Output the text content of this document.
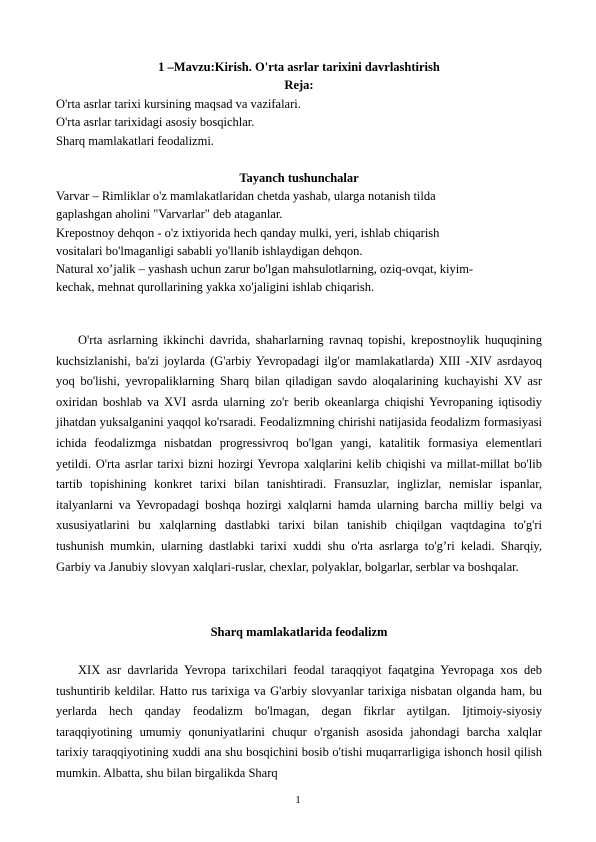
1 –Mavzu:Kirish. O'rta asrlar tarixini davrlashtirish
Reja:
O'rta asrlar tarixi kursining maqsad va vazifalari.
O'rta asrlar tarixidagi asosiy bosqichlar.
Sharq mamlakatlari feodalizmi.
Tayanch tushunchalar
Varvar – Rimliklar o'z mamlakatlaridan chetda yashab, ularga notanish tilda
gaplashgan aholini "Varvarlar" deb ataganlar.
Krepostnoy dehqon - o'z ixtiyorida hech qanday mulki, yeri, ishlab chiqarish
vositalari bo'lmaganligi sababli yo'llanib ishlaydigan dehqon.
Natural xo’jalik – yashash uchun zarur bo'lgan mahsulotlarning, oziq-ovqat, kiyim-
kechak, mehnat qurollarining yakka xo'jaligini ishlab chiqarish.

O'rta asrlarning ikkinchi davrida, shaharlarning ravnaq topishi, krepostnoylik huquqining kuchsizlanishi, ba'zi joylarda (G'arbiy Yevropadagi ilg'or mamlakatlarda) XIII -XIV asrdayoq yoq bo'lishi, yevropaliklarning Sharq bilan qiladigan savdo aloqalarining kuchayishi XV asr oxiridan boshlab va XVI asrda ularning zo'r berib okeanlarga chiqishi Yevropaning iqtisodiy jihatdan yuksalganini yaqqol ko'rsaradi. Feodalizmning chirishi natijasida feodalizm formasiyasi ichida feodalizmga nisbatdan progressivroq bo'lgan yangi, katalitik formasiya elementlari yetildi. O'rta asrlar tarixi bizni hozirgi Yevropa xalqlarini kelib chiqishi va millat-millat bo'lib tartib topishining konkret tarixi bilan tanishtiradi. Fransuzlar, inglizlar, nemislar ispanlar, italyanlarni va Yevropadagi boshqa hozirgi xalqlarni hamda ularning barcha milliy belgi va xususiyatlarini bu xalqlarning dastlabki tarixi bilan tanishib chiqilgan vaqtdagina to'g'ri tushunish mumkin, ularning dastlabki tarixi xuddi shu o'rta asrlarga to'g’ri keladi. Sharqiy, Garbiy va Janubiy slovyan xalqlari-ruslar, chexlar, polyaklar, bolgarlar, serblar va boshqalar.

Sharq mamlakatlarida feodalizm

XIX asr davrlarida Yevropa tarixchilari feodal taraqqiyot faqatgina Yevropaga xos deb tushuntirib keldilar. Hatto rus tarixiga va G'arbiy slovyanlar tarixiga nisbatan olganda ham, bu yerlarda hech qanday feodalizm bo'lmagan, degan fikrlar aytilgan. Ijtimoiy-siyosiy taraqqiyotining umumiy qonuniyatlarini chuqur o'rganish asosida jahondagi barcha xalqlar tarixiy taraqqiyotining xuddi ana shu bosqichini bosib o'tishi muqarrarligiga ishonch hosil qilish mumkin. Albatta, shu bilan birgalikda Sharq

1
